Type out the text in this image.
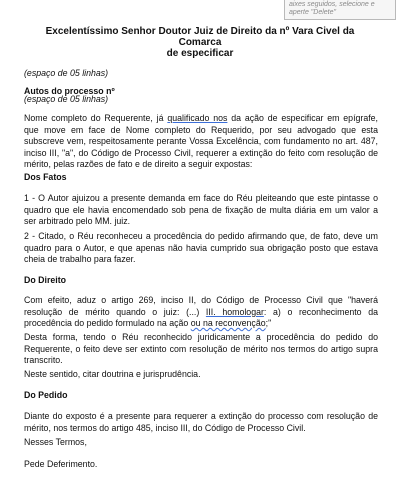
aixes seguidos, selecione e
aperte "Delete"

Excelentíssimo Senhor Doutor Juiz de Direito da nº Vara Civel da Comarca
de especificar

(espaço de 05 linhas)

Autos do processo nº

(espaço de 05 linhas)

Nome completo do Requerente, já qualificado nos da ação de especificar em epígrafe, que move em face de Nome completo do Requerido, por seu advogado que esta subscreve vem, respeitosamente perante Vossa Excelência, com fundamento no art. 487, inciso III, "a", do Código de Processo Civil, requerer a extinção do feito com resolução de mérito, pelas razões de fato e de direito a seguir expostas:

Dos Fatos

1 - O Autor ajuizou a presente demanda em face do Réu pleiteando que este pintasse o quadro que ele havia encomendado sob pena de fixação de multa diária em um valor a ser arbitrado pelo MM. juiz.

2 - Citado, o Réu reconheceu a procedência do pedido afirmando que, de fato, deve um quadro para o Autor, e que apenas não havia cumprido sua obrigação posto que estava cheia de trabalho para fazer.

Do Direito

Com efeito, aduz o artigo 269, inciso II, do Código de Processo Civil que "haverá resolução de mérito quando o juiz: (...) III. homologar: a) o reconhecimento da procedência do pedido formulado na ação ou na reconvenção;"

Desta forma, tendo o Réu reconhecido juridicamente a procedência do pedido do Requerente, o feito deve ser extinto com resolução de mérito nos termos do artigo supra transcrito.

Neste sentido, citar doutrina e jurisprudência.

Do Pedido

Diante do exposto é a presente para requerer a extinção do processo com resolução de mérito, nos termos do artigo 485, inciso III, do Código de Processo Civil.

Nesses Termos,

Pede Deferimento.
